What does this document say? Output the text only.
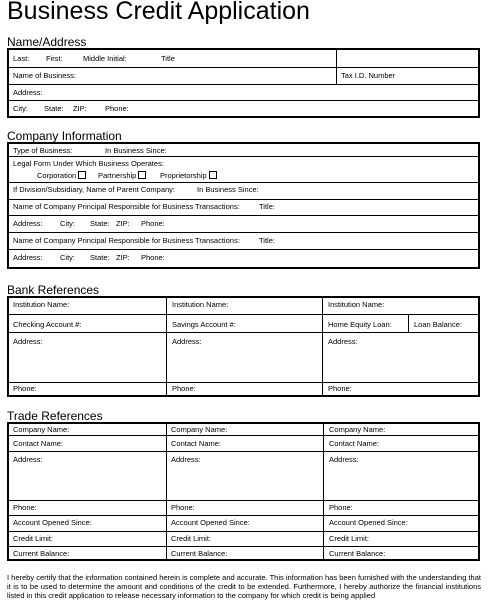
Business Credit Application
Name/Address
Last: First:	Middle Initial:	Title
Name of Business:	Tax I.D. Number
Address:
City: State: ZIP: Phone:
Company Information
Type of Business:	In Business Since:
Legal Form Under Which Business Operates:
Corporation	Partnership	Proprietorship
If Division/Subsidiary, Name of Parent Company:	In Business Since:
Name of Company Principal Responsible for Business Transactions:	Title:
Address: City: State: ZIP: Phone:
Name of Company Principal Responsible for Business Transactions:	Title:
Address: City: State: ZIP: Phone:
Bank References
Institution Name:	Institution Name:	Institution Name:
Checking Account #:	Savings Account #:	Home Equity Loan:	Loan Balance:
Address:	Address:	Address:
Phone:	Phone:	Phone:
Trade References
Company Name:	Company Name:	Company Name:
Contact Name:	Contact Name:	Contact Name:
Address:	Address:	Address:
Phone:	Phone:	Phone:
Account Opened Since:	Account Opened Since:	Account Opened Since:
Credit Limit:	Credit Limit:	Credit Limit:
Current Balance:	Current Balance:	Current Balance:
I hereby certify that the information contained herein is complete and accurate. This information has been furnished with the understanding that it is to be used to determine the amount and conditions of the credit to be extended. Furthermore, I hereby authorize the financial institutions listed in this credit application to release necessary information to the company for which credit is being applied
